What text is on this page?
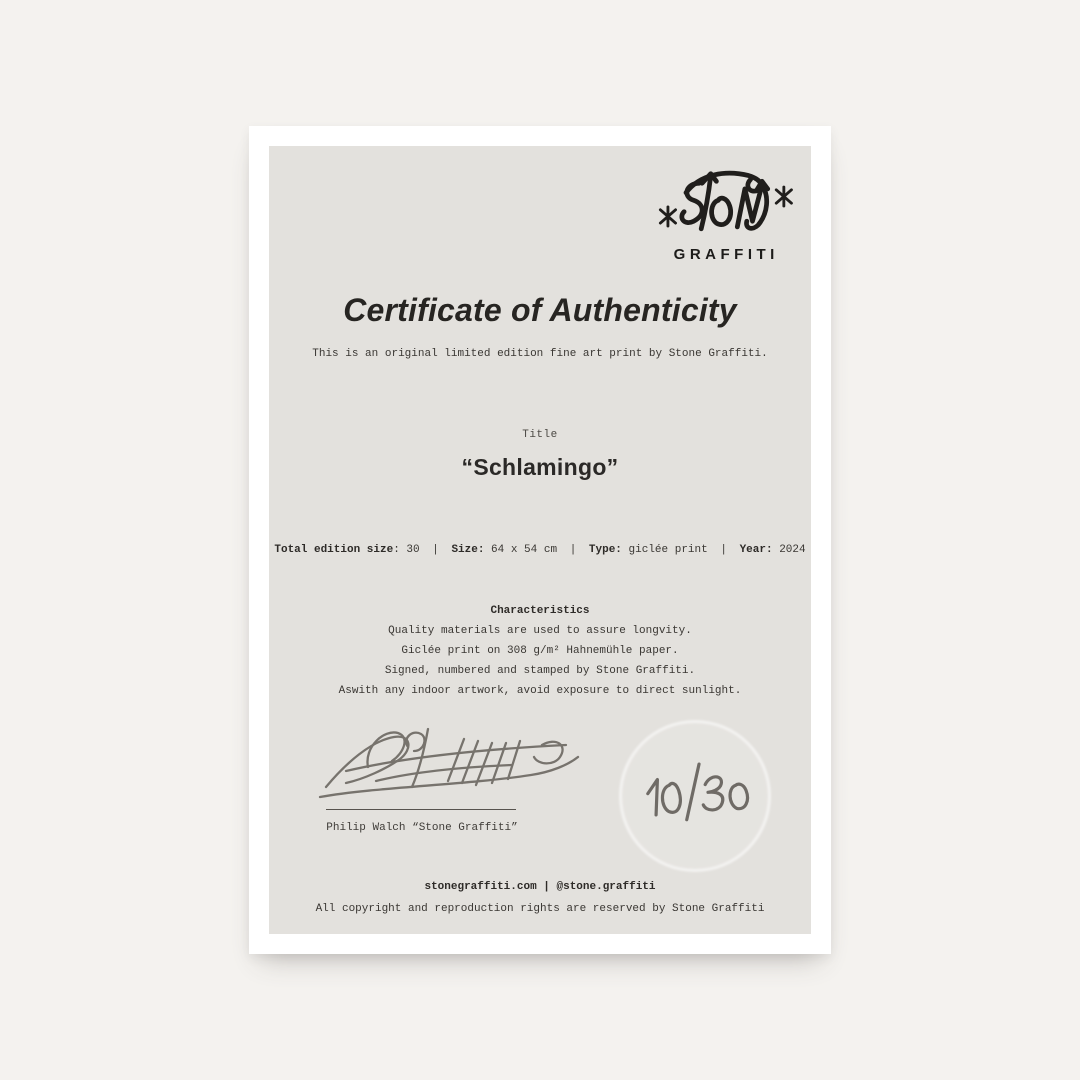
GRAFFITI
Certificate of Authenticity
This is an original limited edition fine art print by Stone Graffiti.
Title
“Schlamingo”
Total edition size: 30 | Size: 64 x 54 cm | Type: giclée print | Year: 2024
Characteristics
Quality materials are used to assure longvity.
Giclée print on 308 g/m² Hahnemühle paper.
Signed, numbered and stamped by Stone Graffiti.
Aswith any indoor artwork, avoid exposure to direct sunlight.
Philip Walch “Stone Graffiti”
stonegraffiti.com | @stone.graffiti
All copyright and reproduction rights are reserved by Stone Graffiti
